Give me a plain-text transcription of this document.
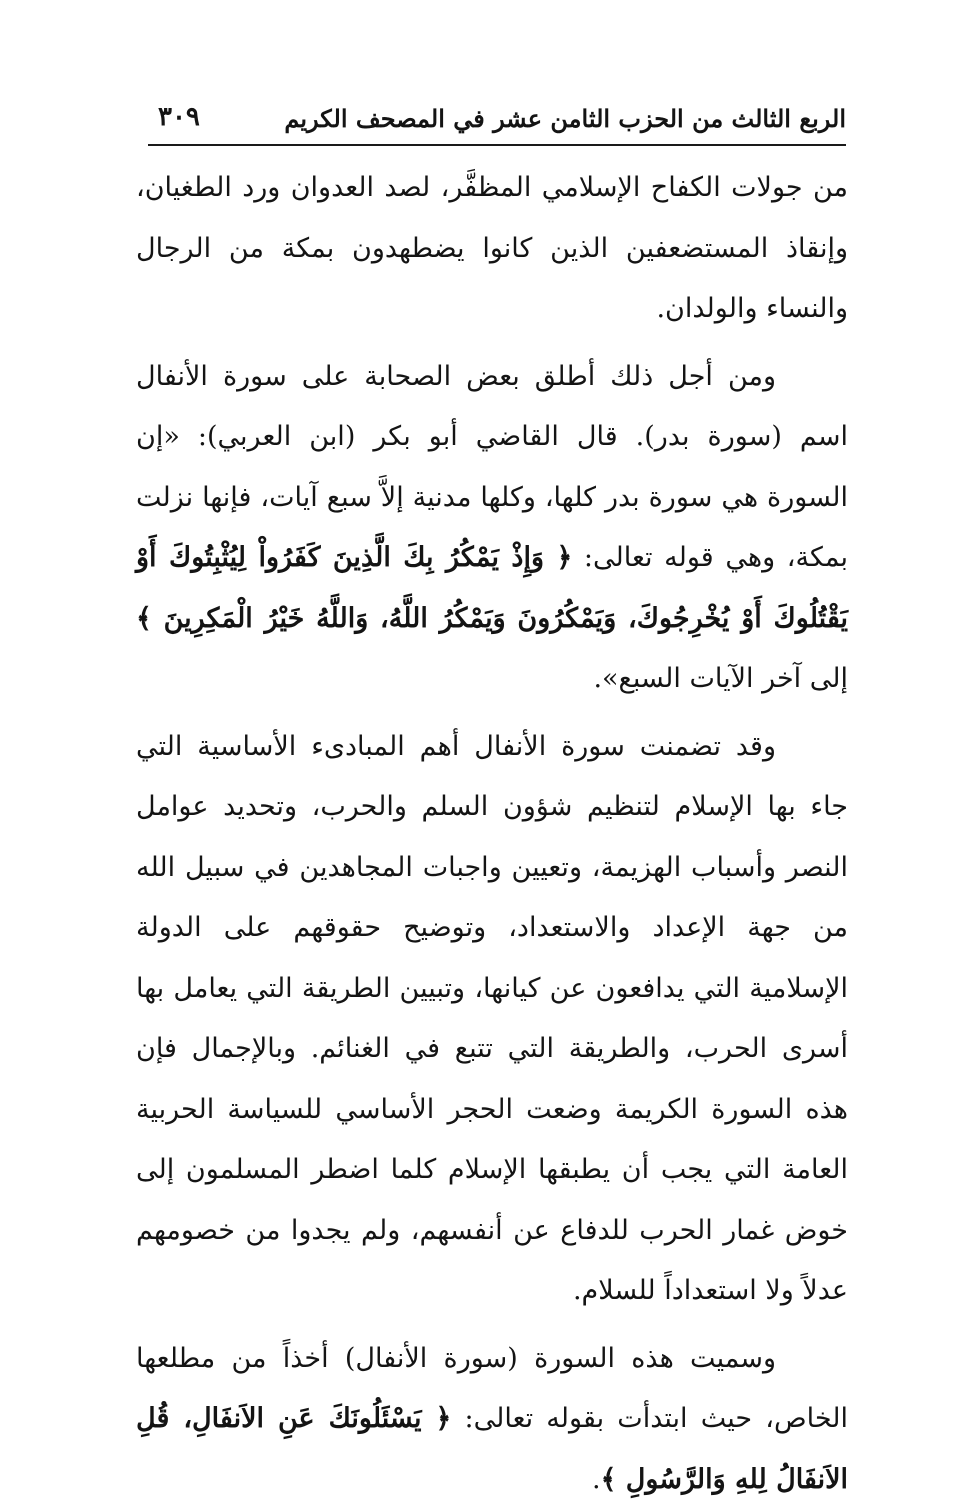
الربع الثالث من الحزب الثامن عشر في المصحف الكريم
٣٠٩

من جولات الكفاح الإسلامي المظفَّر، لصد العدوان ورد الطغيان، وإنقاذ المستضعفين الذين كانوا يضطهدون بمكة من الرجال والنساء والولدان.

ومن أجل ذلك أطلق بعض الصحابة على سورة الأنفال اسم (سورة بدر). قال القاضي أبو بكر (ابن العربي): «إن السورة هي سورة بدر كلها، وكلها مدنية إلاَّ سبع آيات، فإنها نزلت بمكة، وهي قوله تعالى: ﴿ وَإِذْ يَمْكُرُ بِكَ الَّذِينَ كَفَرُواْ لِيُثْبِتُوكَ أَوْ يَقْتُلُوكَ أَوْ يُخْرِجُوكَ، وَيَمْكُرُونَ وَيَمْكُرُ اللَّهُ، وَاللَّهُ خَيْرُ الْمَكِرِينَ ﴾ إلى آخر الآيات السبع».

وقد تضمنت سورة الأنفال أهم المبادىء الأساسية التي جاء بها الإسلام لتنظيم شؤون السلم والحرب، وتحديد عوامل النصر وأسباب الهزيمة، وتعيين واجبات المجاهدين في سبيل الله من جهة الإعداد والاستعداد، وتوضيح حقوقهم على الدولة الإسلامية التي يدافعون عن كيانها، وتبيين الطريقة التي يعامل بها أسرى الحرب، والطريقة التي تتبع في الغنائم. وبالإجمال فإن هذه السورة الكريمة وضعت الحجر الأساسي للسياسة الحربية العامة التي يجب أن يطبقها الإسلام كلما اضطر المسلمون إلى خوض غمار الحرب للدفاع عن أنفسهم، ولم يجدوا من خصومهم عدلاً ولا استعداداً للسلام.

وسميت هذه السورة (سورة الأنفال) أخذاً من مطلعها الخاص، حيث ابتدأت بقوله تعالى: ﴿ يَسْئَلُونَكَ عَنِ الاَنفَالِ، قُلِ الاَنفَالُ لِلهِ وَالرَّسُولِ ﴾.
